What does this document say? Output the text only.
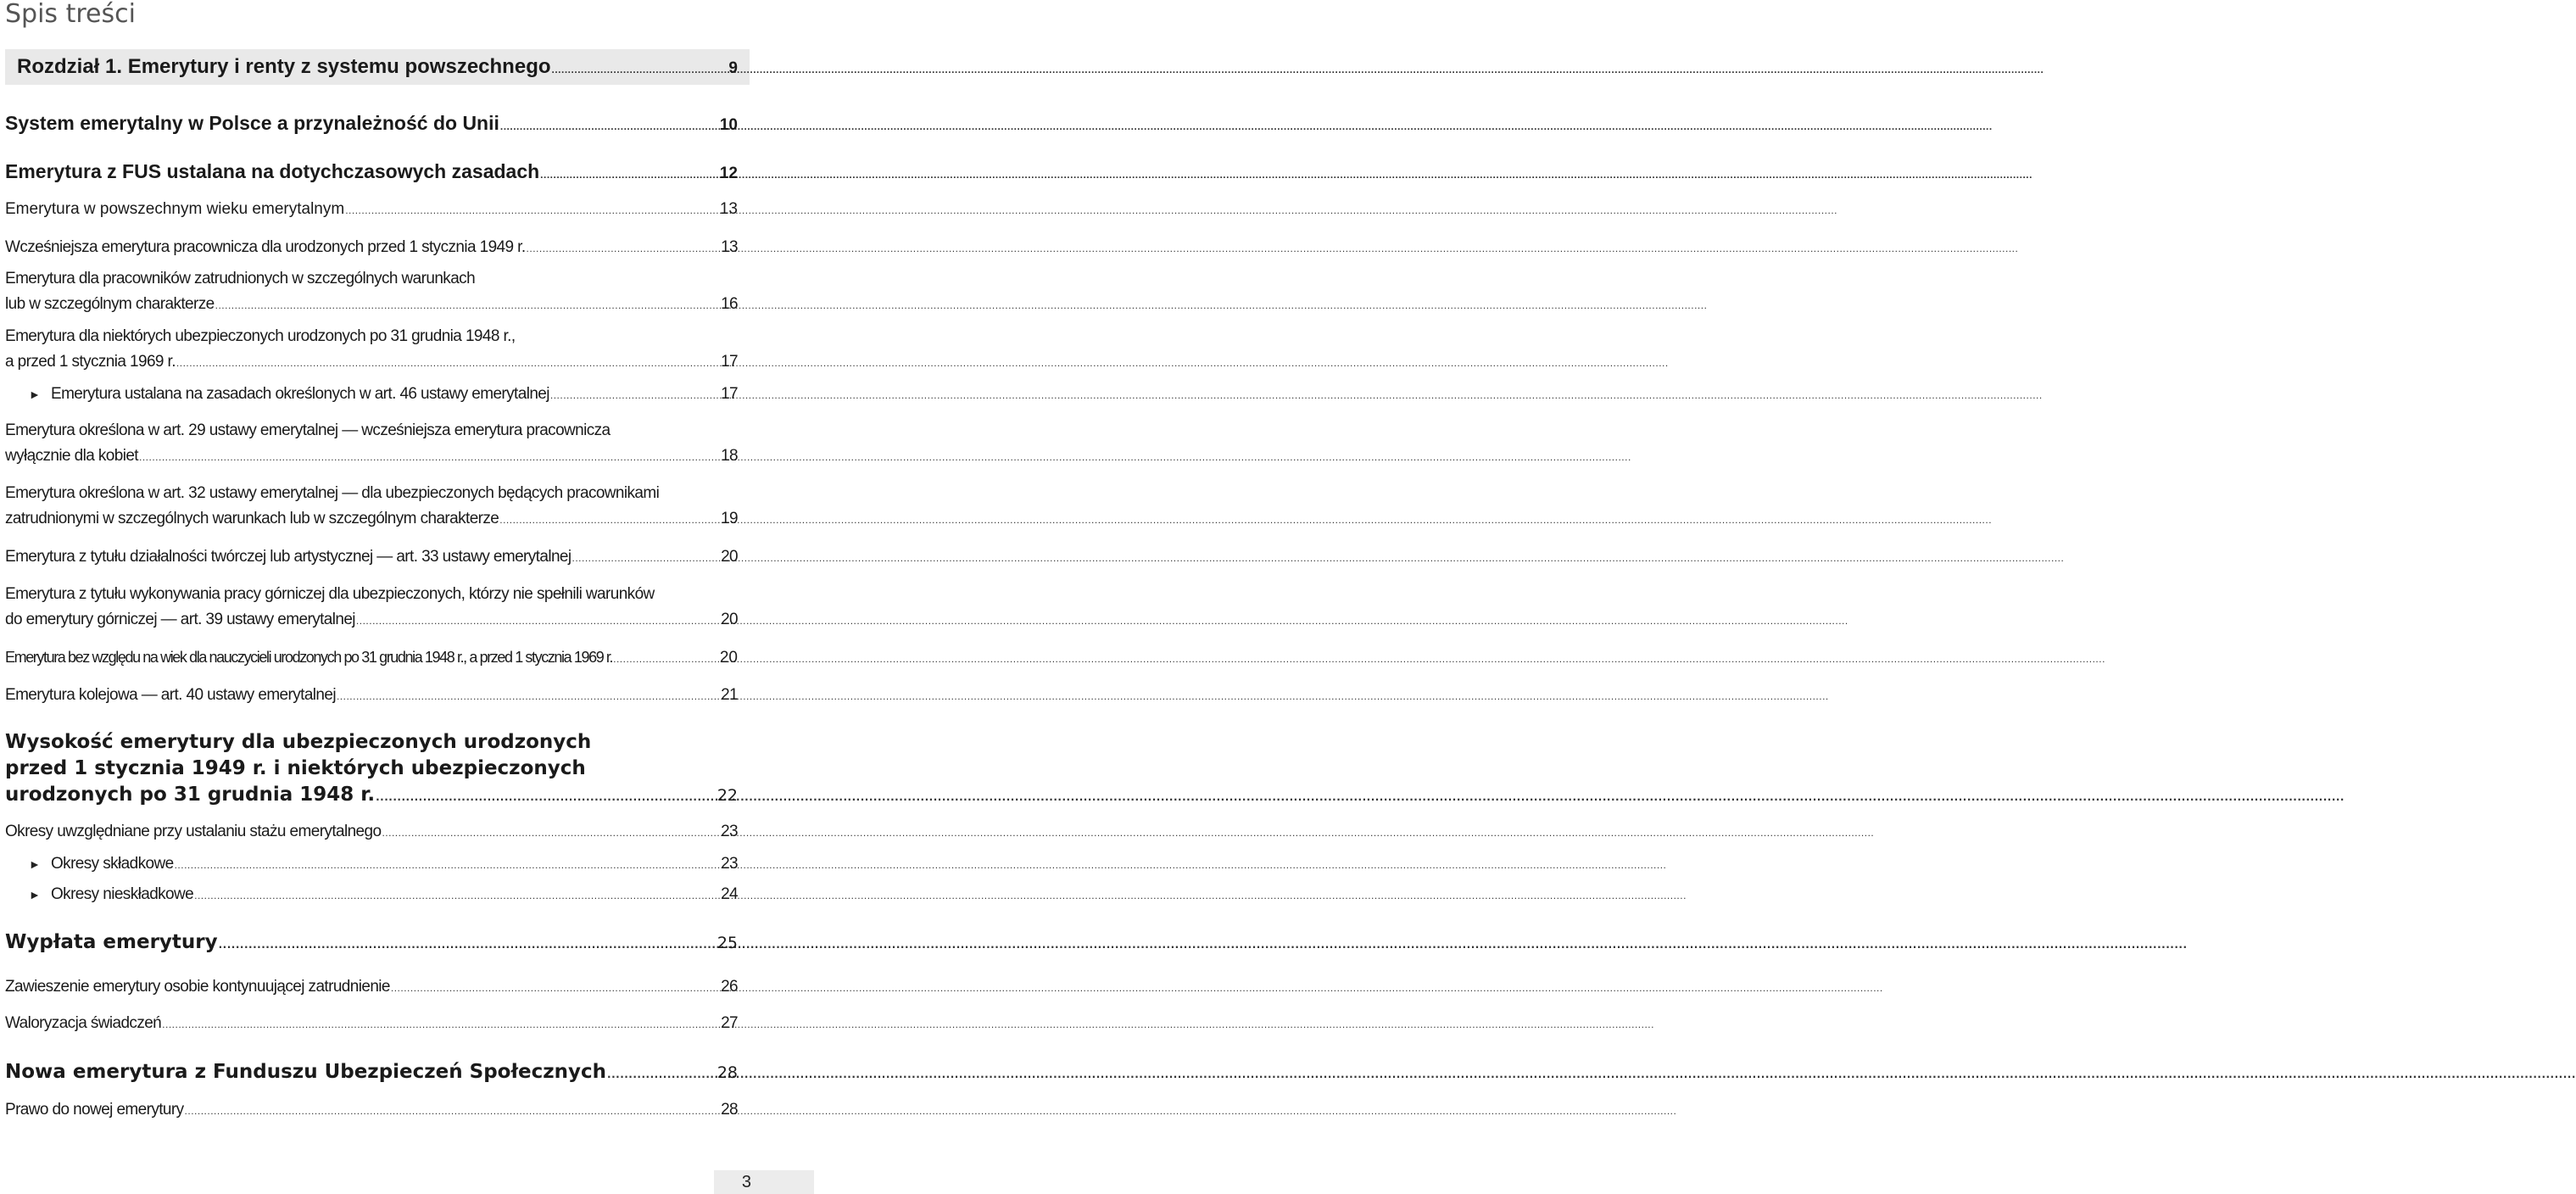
Spis treści
Rozdział 1. Emerytury i renty z systemu powszechnego .....	9
System emerytalny w Polsce a przynależność do Unii .....	10
Emerytura z FUS ustalana na dotychczasowych zasadach .....	12
Emerytura w powszechnym wieku emerytalnym .....	13
Wcześniejsza emerytura pracownicza dla urodzonych przed 1 stycznia 1949 r. .....	13
Emerytura dla pracowników zatrudnionych w szczególnych warunkach
lub w szczególnym charakterze .....	16
Emerytura dla niektórych ubezpieczonych urodzonych po 31 grudnia 1948 r.,
a przed 1 stycznia 1969 r. .....	17
► Emerytura ustalana na zasadach określonych w art. 46 ustawy emerytalnej .....	17
Emerytura określona w art. 29 ustawy emerytalnej — wcześniejsza emerytura pracownicza
wyłącznie dla kobiet .....	18
Emerytura określona w art. 32 ustawy emerytalnej — dla ubezpieczonych będących pracownikami
zatrudnionymi w szczególnych warunkach lub w szczególnym charakterze .....	19
Emerytura z tytułu działalności twórczej lub artystycznej — art. 33 ustawy emerytalnej .....	20
Emerytura z tytułu wykonywania pracy górniczej dla ubezpieczonych, którzy nie spełnili warunków
do emerytury górniczej — art. 39 ustawy emerytalnej .....	20
Emerytura bez względu na wiek dla nauczycieli urodzonych po 31 grudnia 1948 r., a przed 1 stycznia 1969 r. .....	20
Emerytura kolejowa — art. 40 ustawy emerytalnej .....	21
Wysokość emerytury dla ubezpieczonych urodzonych
przed 1 stycznia 1949 r. i niektórych ubezpieczonych
urodzonych po 31 grudnia 1948 r. .....	22
Okresy uwzględniane przy ustalaniu stażu emerytalnego .....	23
► Okresy składkowe .....	23
► Okresy nieskładkowe .....	24
Wypłata emerytury .....	25
Zawieszenie emerytury osobie kontynuującej zatrudnienie .....	26
Waloryzacja świadczeń .....	27
Nowa emerytura z Funduszu Ubezpieczeń Społecznych .....	28
Prawo do nowej emerytury .....	28
3
